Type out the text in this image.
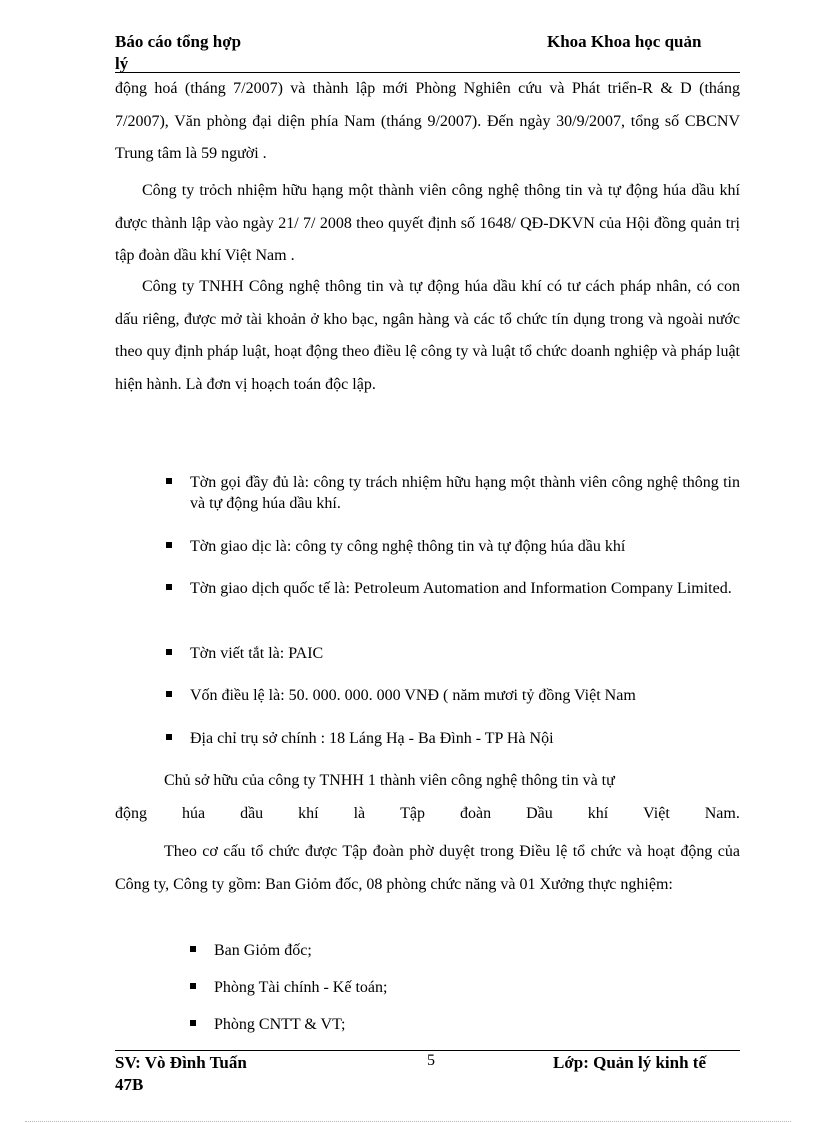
Báo cáo tổng hợp
lý
Khoa Khoa học quản
động hoá (tháng 7/2007) và thành lập mới Phòng Nghiên cứu và Phát triển-R & D (tháng 7/2007), Văn phòng đại diện phía Nam (tháng 9/2007). Đến ngày 30/9/2007, tổng số CBCNV Trung tâm là 59 người .
Công ty trỏch nhiệm hữu hạng một thành viên công nghệ thông tin và tự động húa dầu khí được thành lập vào ngày 21/ 7/ 2008 theo quyết định số 1648/ QĐ-DKVN của Hội đồng quản trị tập đoàn dầu khí Việt Nam .
Công ty TNHH Công nghệ thông tin và tự động húa dầu khí có tư cách pháp nhân, có con dấu riêng, được mở tài khoản ở kho bạc, ngân hàng và các tổ chức tín dụng trong và ngoài nước theo quy định pháp luật, hoạt động theo điều lệ công ty và luật tổ chức doanh nghiệp và pháp luật hiện hành. Là đơn vị hoạch toán độc lập.
Tờn gọi đầy đủ là: công ty trách nhiệm hữu hạng một thành viên công nghệ thông tin và tự động húa dầu khí.
Tờn giao dịc là: công ty công nghệ thông tin và tự động húa dầu khí
Tờn giao dịch quốc tế là: Petroleum Automation and Information Company Limited.
Tờn viết tắt là: PAIC
Vốn điều lệ là: 50. 000. 000. 000 VNĐ ( năm mươi tỷ đồng Việt Nam
Địa chỉ trụ sở chính : 18 Láng Hạ - Ba Đình - TP Hà Nội
Chủ sở hữu của công ty TNHH 1 thành viên công nghệ thông tin và tự
động húa dầu khí là Tập đoàn Dầu khí Việt Nam.
Theo cơ cấu tổ chức được Tập đoàn phờ duyệt trong Điều lệ tổ chức và hoạt động của Công ty, Công ty gồm: Ban Giỏm đốc, 08 phòng chức năng và 01 Xưởng thực nghiệm:
Ban Giỏm đốc;
Phòng Tài chính - Kế toán;
Phòng CNTT & VT;
SV: Vò Đình Tuấn
47B
5	Lớp: Quản lý kinh tế
